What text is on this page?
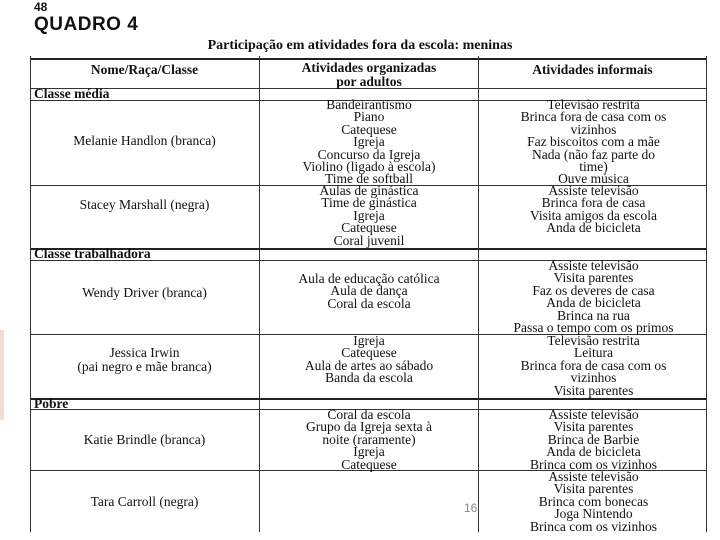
48
QUADRO 4
Participação em atividades fora da escola: meninas
Nome/Raça/Classe	Atividades organizadas
por adultos
Atividades informais
Classe média
Classe trabalhadora
Pobre
Melanie Handlon (branca)
Bandeirantismo
Piano
Catequese
Igreja
Concurso da Igreja
Violino (ligado à escola)
Time de softball
Televisão restrita
Brinca fora de casa com os
vizinhos
Faz biscoitos com a mãe
Nada (não faz parte do
time)
Ouve música
Stacey Marshall (negra)
Aulas de ginástica
Time de ginástica
Igreja
Catequese
Coral juvenil
Assiste televisão
Brinca fora de casa
Visita amigos da escola
Anda de bicicleta
Wendy Driver (branca)
Aula de educação católica
Aula de dança
Coral da escola
Assiste televisão
Visita parentes
Faz os deveres de casa
Anda de bicicleta
Brinca na rua
Passa o tempo com os primos
Jessica Irwin
(pai negro e mãe branca)
Igreja
Catequese
Aula de artes ao sábado
Banda da escola
Televisão restrita
Leitura
Brinca fora de casa com os
vizinhos
Visita parentes
Katie Brindle (branca)
Coral da escola
Grupo da Igreja sexta à
noite (raramente)
Igreja
Catequese
Assiste televisão
Visita parentes
Brinca de Barbie
Anda de bicicleta
Brinca com os vizinhos
Tara Carroll (negra)
Assiste televisão
Visita parentes
Brinca com bonecas
Joga Nintendo
Brinca com os vizinhos
16
